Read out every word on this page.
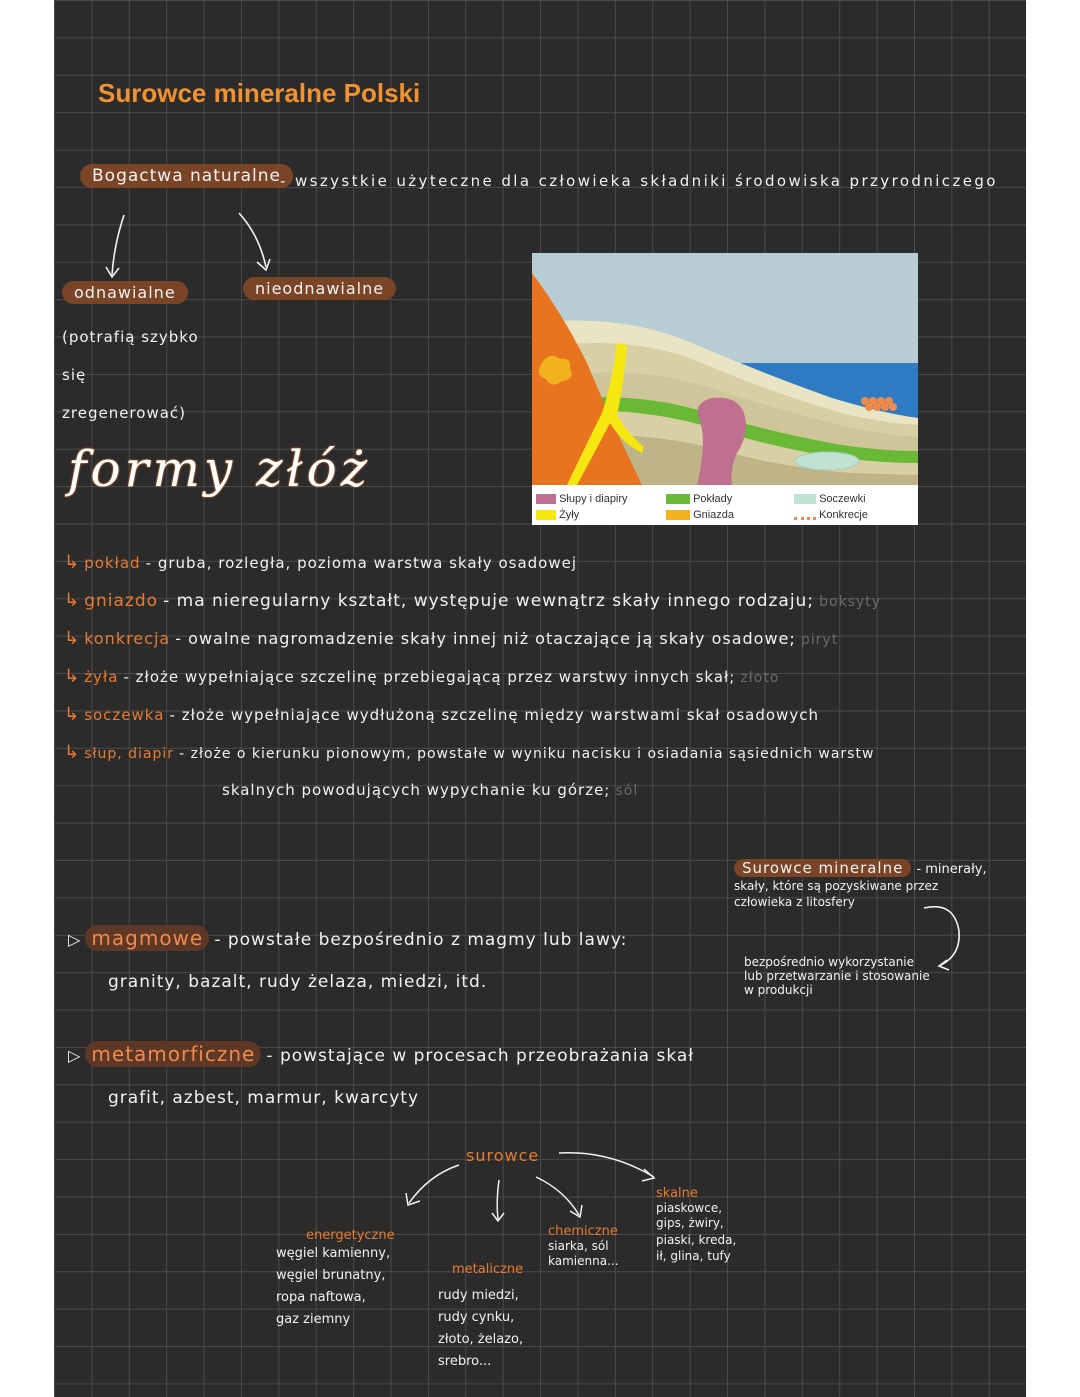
Surowce mineralne Polski
Bogactwa naturalne
- wszystkie użyteczne dla człowieka składniki środowiska przyrodniczego
odnawialne	nieodnawialne
(potrafią szybko się zregenerować)
formy złóż
Słupy i diapiry
Żyły
Pokłady
Gniazda
Soczewki
Konkrecje
↳ pokład - gruba, rozległa, pozioma warstwa skały osadowej
↳ gniazdo - ma nieregularny kształt, występuje wewnątrz skały innego rodzaju; boksyty
↳ konkrecja - owalne nagromadzenie skały innej niż otaczające ją skały osadowe; piryt
↳ żyła - złoże wypełniające szczelinę przebiegającą przez warstwy innych skał; złoto
↳ soczewka - złoże wypełniające wydłużoną szczelinę między warstwami skał osadowych
↳ słup, diapir - złoże o kierunku pionowym, powstałe w wyniku nacisku i osiadania sąsiednich warstw
skalnych powodujących wypychanie ku górze; sól
Surowce mineralne - minerały,
skały, które są pozyskiwane przez
człowieka z litosfery
bezpośrednio wykorzystanie
lub przetwarzanie i stosowanie
w produkcji
▷ magmowe - powstałe bezpośrednio z magmy lub lawy:
granity, bazalt, rudy żelaza, miedzi, itd.
▷ metamorficzne - powstające w procesach przeobrażania skał
grafit, azbest, marmur, kwarcyty
surowce
energetyczne
węgiel kamienny,
węgiel brunatny,
ropa naftowa,
gaz ziemny
metaliczne
rudy miedzi,
rudy cynku,
złoto, żelazo,
srebro...
chemiczne
siarka, sól
kamienna...
skalne
piaskowce,
gips, żwiry,
piaski, kreda,
ił, glina, tufy
